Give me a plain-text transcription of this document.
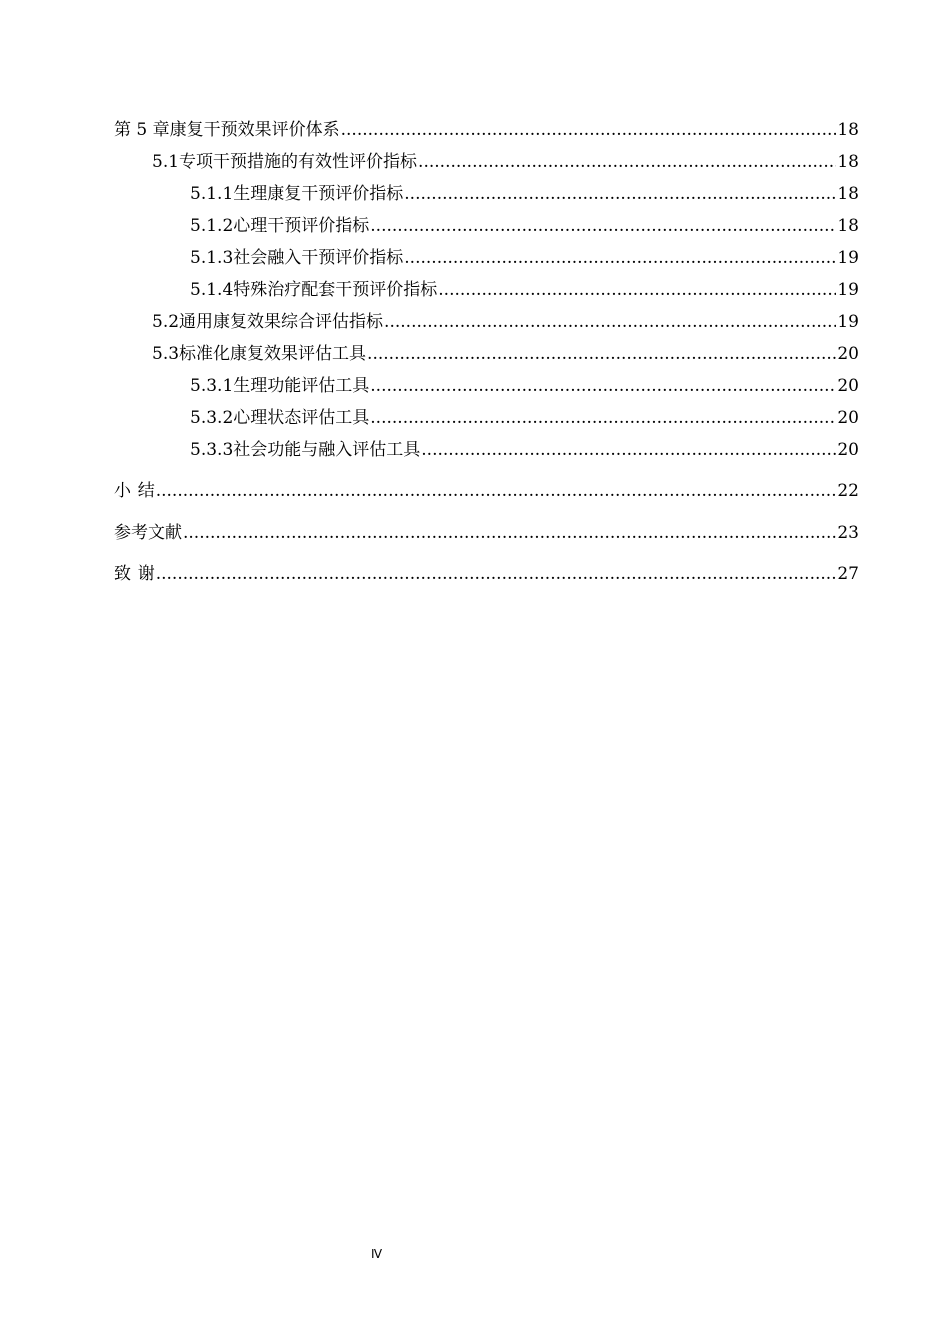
第 5 章 康复干预效果评价体系 .....	18
5.1 专项干预措施的有效性评价指标 .....	18
5.1.1 生理康复干预评价指标 .....	18
5.1.2 心理干预评价指标 .....	18
5.1.3 社会融入干预评价指标 .....	19
5.1.4 特殊治疗配套干预评价指标 .....	19
5.2 通用康复效果综合评估指标 .....	19
5.3 标准化康复效果评估工具 .....	20
5.3.1 生理功能评估工具 .....	20
5.3.2 心理状态评估工具 .....	20
5.3.3 社会功能与融入评估工具 .....	20
小 结 .....	22
参考文献 .....	23
致 谢 .....	27
Ⅳ
